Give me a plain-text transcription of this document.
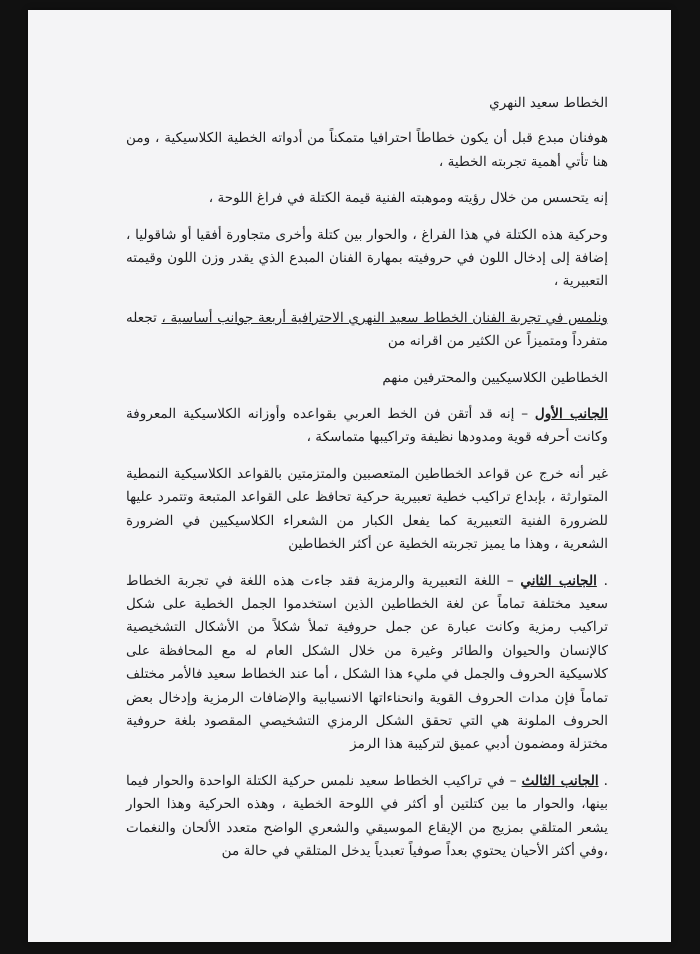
الخطاط سعيد النهري

هوفنان مبدع قبل أن يكون خطاطاً احترافيا متمكناً من أدواته الخطية الكلاسيكية ، ومن هنا تأتي أهمية تجربته الخطية ،

إنه يتحسس من خلال رؤيته وموهبته الفنية قيمة الكتلة في فراغ اللوحة ،

وحركية هذه الكتلة في هذا الفراغ ، والحوار بين كتلة وأخرى متجاورة أفقيا أو شاقوليا ، إضافة إلى إدخال اللون في حروفيته بمهارة الفنان المبدع الذي يقدر وزن اللون وقيمته التعبيرية ،

ونلمس في تجربة الفنان الخطاط سعيد النهري الاحترافية أربعة جوانب أساسية ، تجعله متفرداً ومتميزاً عن الكثير من اقرانه من

الخطاطين الكلاسيكيين والمحترفين منهم

الجانب الأول – إنه قد أتقن فن الخط العربي بقواعده وأوزانه الكلاسيكية المعروفة وكانت أحرفه قوية ومدودها نظيفة وتراكيبها متماسكة ،

غير أنه خرج عن قواعد الخطاطين المتعصبين والمتزمتين بالقواعد الكلاسيكية النمطية المتوارثة ، بإبداع تراكيب خطية تعبيرية حركية تحافظ على القواعد المتبعة وتتمرد عليها للضرورة الفنية التعبيرية كما يفعل الكبار من الشعراء الكلاسيكيين في الضرورة الشعرية ، وهذا ما يميز تجربته الخطية عن أكثر الخطاطين

. الجانب الثاني – اللغة التعبيرية والرمزية فقد جاءت هذه اللغة في تجربة الخطاط سعيد مختلفة تماماً عن لغة الخطاطين الذين استخدموا الجمل الخطية على شكل تراكيب رمزية وكانت عبارة عن جمل حروفية تملأ شكلاً من الأشكال التشخيصية كالإنسان والحيوان والطائر وغيرة من خلال الشكل العام له مع المحافظة على كلاسيكية الحروف والجمل في مليء هذا الشكل ، أما عند الخطاط سعيد فالأمر مختلف تماماً فإن مدات الحروف القوية وانحناءاتها الانسيابية والإضافات الرمزية وإدخال بعض الحروف الملونة هي التي تحقق الشكل الرمزي التشخيصي المقصود بلغة حروفية مختزلة ومضمون أدبي عميق لتركيبة هذا الرمز

. الجانب الثالث – في تراكيب الخطاط سعيد نلمس حركية الكتلة الواحدة والحوار فيما بينها، والحوار ما بين كتلتين أو أكثر في اللوحة الخطية ، وهذه الحركية وهذا الحوار يشعر المتلقي بمزيج من الإيقاع الموسيقي والشعري الواضح متعدد الألحان والنغمات ،وفي أكثر الأحيان يحتوي بعداً صوفياً تعبدياً يدخل المتلقي في حالة من
